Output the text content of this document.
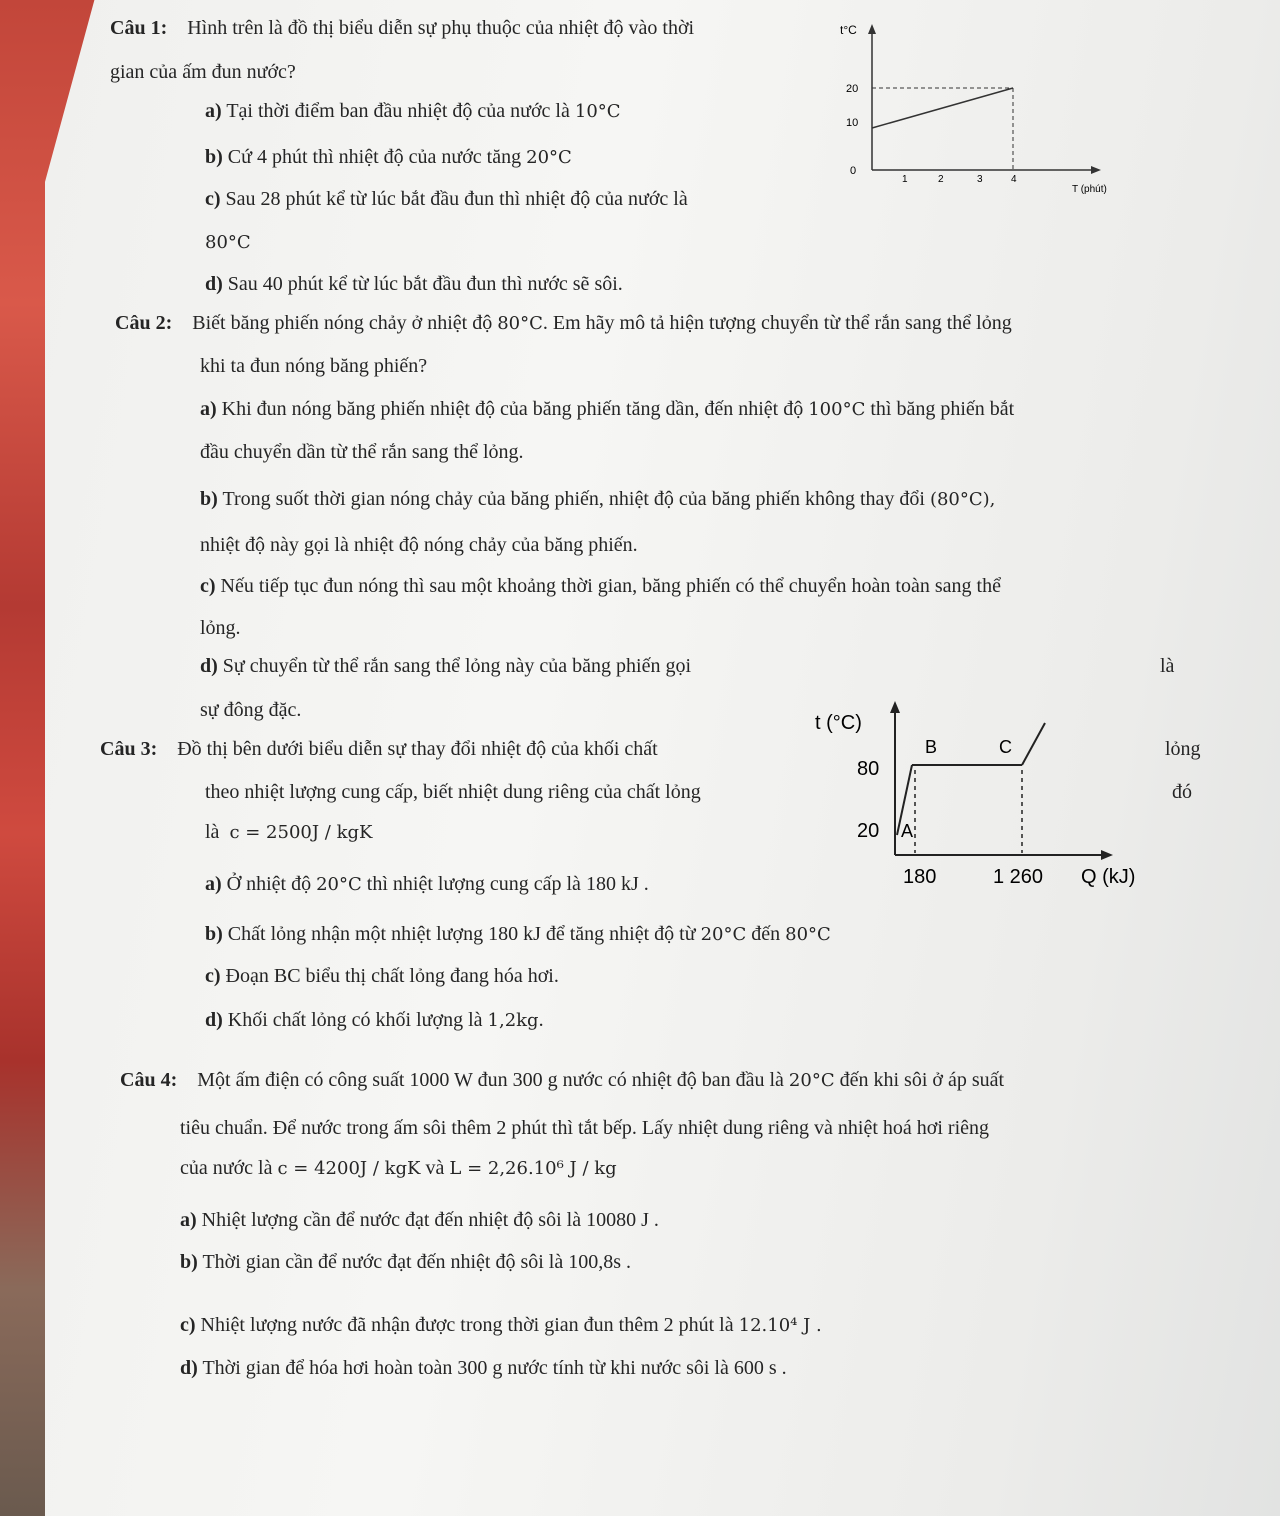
Câu 1: Hình trên là đồ thị biểu diễn sự phụ thuộc của nhiệt độ vào thời
gian của ấm đun nước?
a) Tại thời điểm ban đầu nhiệt độ của nước là 10°C
b) Cứ 4 phút thì nhiệt độ của nước tăng 20°C
c) Sau 28 phút kể từ lúc bắt đầu đun thì nhiệt độ của nước là
80°C
d) Sau 40 phút kể từ lúc bắt đầu đun thì nước sẽ sôi.
t°C
20
10
0
1	2	3	4
T (phút)
Câu 2: Biết băng phiến nóng chảy ở nhiệt độ 80°C. Em hãy mô tả hiện tượng chuyển từ thể rắn sang thể lỏng
khi ta đun nóng băng phiến?
a) Khi đun nóng băng phiến nhiệt độ của băng phiến tăng dần, đến nhiệt độ 100°C thì băng phiến bắt
đầu chuyển dần từ thể rắn sang thể lỏng.
b) Trong suốt thời gian nóng chảy của băng phiến, nhiệt độ của băng phiến không thay đổi (80°C),
nhiệt độ này gọi là nhiệt độ nóng chảy của băng phiến.
c) Nếu tiếp tục đun nóng thì sau một khoảng thời gian, băng phiến có thể chuyển hoàn toàn sang thể
lỏng.
d) Sự chuyển từ thể rắn sang thể lỏng này của băng phiến gọi	là
sự đông đặc.
Câu 3: Đồ thị bên dưới biểu diễn sự thay đổi nhiệt độ của khối chất	lỏng
theo nhiệt lượng cung cấp, biết nhiệt dung riêng của chất lỏng	đó
là c = 2500J / kgK
a) Ở nhiệt độ 20°C thì nhiệt lượng cung cấp là 180 kJ .
b) Chất lỏng nhận một nhiệt lượng 180 kJ để tăng nhiệt độ từ 20°C đến 80°C
c) Đoạn BC biểu thị chất lỏng đang hóa hơi.
d) Khối chất lỏng có khối lượng là 1,2kg.
t (°C)
80
20 A
B	C
180	1 260 Q (kJ)
Câu 4: Một ấm điện có công suất 1000 W đun 300 g nước có nhiệt độ ban đầu là 20°C đến khi sôi ở áp suất
tiêu chuẩn. Để nước trong ấm sôi thêm 2 phút thì tắt bếp. Lấy nhiệt dung riêng và nhiệt hoá hơi riêng
của nước là c = 4200J / kgK và L = 2,26.10⁶ J / kg
a) Nhiệt lượng cần để nước đạt đến nhiệt độ sôi là 10080 J .
b) Thời gian cần để nước đạt đến nhiệt độ sôi là 100,8s .
c) Nhiệt lượng nước đã nhận được trong thời gian đun thêm 2 phút là 12.10⁴ J .
d) Thời gian để hóa hơi hoàn toàn 300 g nước tính từ khi nước sôi là 600 s .
